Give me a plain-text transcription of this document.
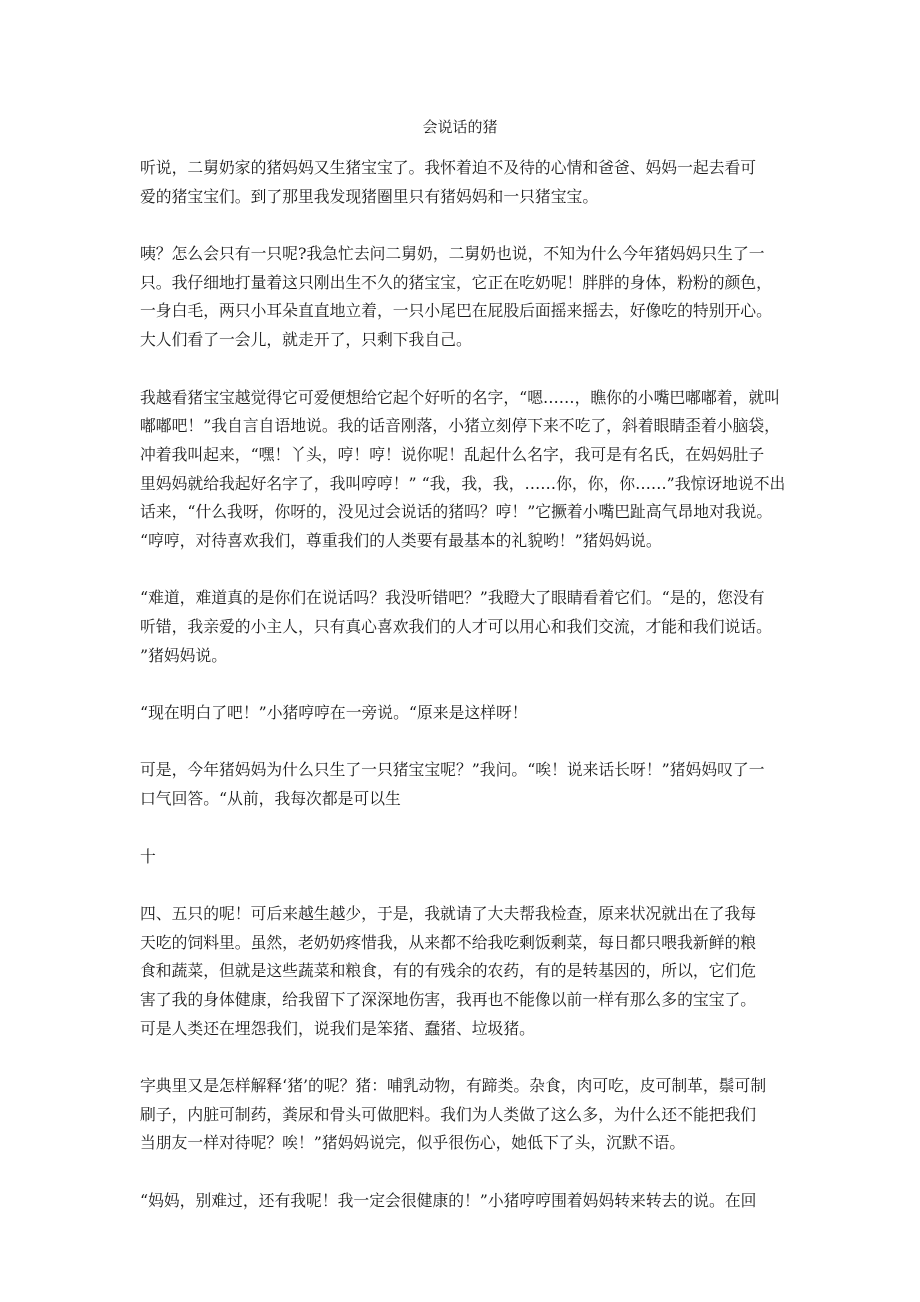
会说话的猪
听说，二舅奶家的猪妈妈又生猪宝宝了。我怀着迫不及待的心情和爸爸、妈妈一起去看可
爱的猪宝宝们。到了那里我发现猪圈里只有猪妈妈和一只猪宝宝。
咦？怎么会只有一只呢?我急忙去问二舅奶，二舅奶也说，不知为什么今年猪妈妈只生了一
只。我仔细地打量着这只刚出生不久的猪宝宝，它正在吃奶呢！胖胖的身体，粉粉的颜色，
一身白毛，两只小耳朵直直地立着，一只小尾巴在屁股后面摇来摇去，好像吃的特别开心。
大人们看了一会儿，就走开了，只剩下我自己。
我越看猪宝宝越觉得它可爱便想给它起个好听的名字，“嗯……，瞧你的小嘴巴嘟嘟着，就叫
嘟嘟吧！”我自言自语地说。我的话音刚落，小猪立刻停下来不吃了，斜着眼睛歪着小脑袋，
冲着我叫起来，“嘿！丫头，哼！哼！说你呢！乱起什么名字，我可是有名氏，在妈妈肚子
里妈妈就给我起好名字了，我叫哼哼！” “我，我，我，……你，你，你……”我惊讶地说不出
话来，“什么我呀，你呀的，没见过会说话的猪吗？哼！”它撅着小嘴巴趾高气昂地对我说。
“哼哼，对待喜欢我们，尊重我们的人类要有最基本的礼貌哟！”猪妈妈说。
“难道，难道真的是你们在说话吗？我没听错吧？”我瞪大了眼睛看着它们。“是的，您没有
听错，我亲爱的小主人，只有真心喜欢我们的人才可以用心和我们交流，才能和我们说话。
”猪妈妈说。
“现在明白了吧！”小猪哼哼在一旁说。“原来是这样呀！
可是，今年猪妈妈为什么只生了一只猪宝宝呢？”我问。“唉！说来话长呀！”猪妈妈叹了一
口气回答。“从前，我每次都是可以生
十
四、五只的呢！可后来越生越少，于是，我就请了大夫帮我检查，原来状况就出在了我每
天吃的饲料里。虽然，老奶奶疼惜我，从来都不给我吃剩饭剩菜，每日都只喂我新鲜的粮
食和蔬菜，但就是这些蔬菜和粮食，有的有残余的农药，有的是转基因的，所以，它们危
害了我的身体健康，给我留下了深深地伤害，我再也不能像以前一样有那么多的宝宝了。
可是人类还在埋怨我们，说我们是笨猪、蠢猪、垃圾猪。
字典里又是怎样解释‘猪’的呢？猪：哺乳动物，有蹄类。杂食，肉可吃，皮可制革，鬃可制
刷子，内脏可制药，粪尿和骨头可做肥料。我们为人类做了这么多，为什么还不能把我们
当朋友一样对待呢？唉！”猪妈妈说完，似乎很伤心，她低下了头，沉默不语。
“妈妈，别难过，还有我呢！我一定会很健康的！”小猪哼哼围着妈妈转来转去的说。在回
